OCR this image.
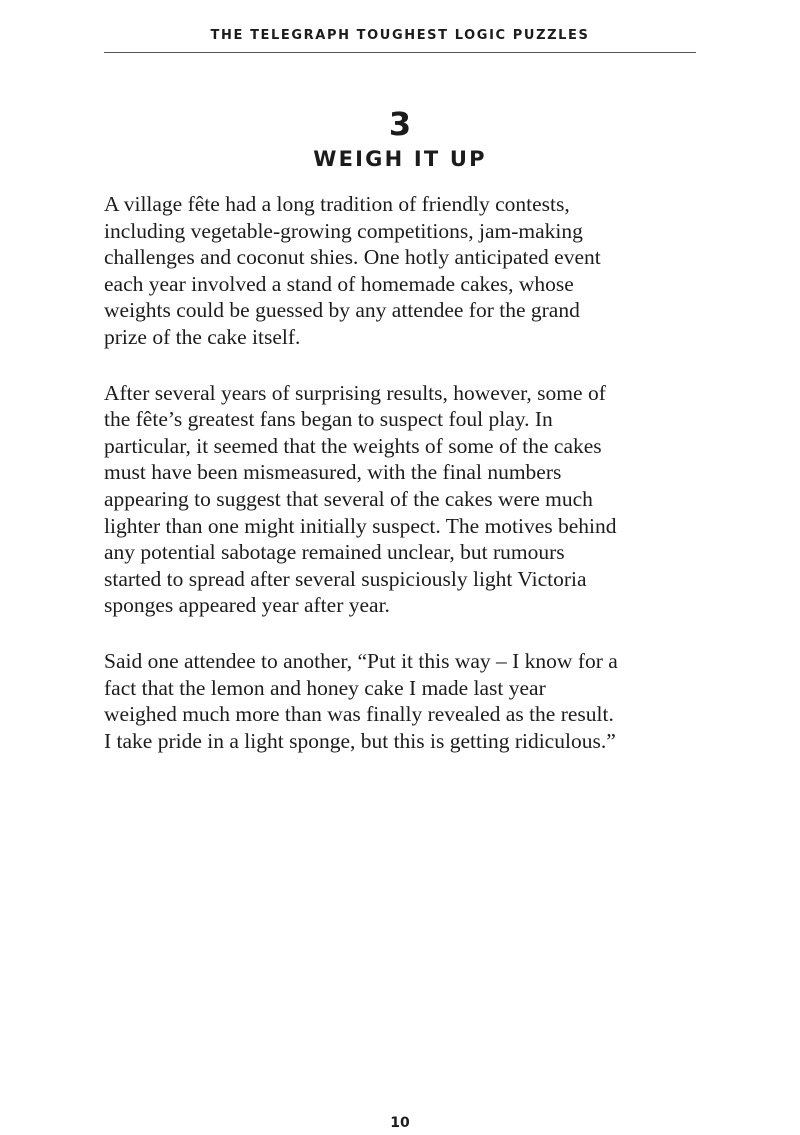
THE TELEGRAPH TOUGHEST LOGIC PUZZLES
3
WEIGH IT UP

A village fête had a long tradition of friendly contests,
including vegetable-growing competitions, jam-making
challenges and coconut shies. One hotly anticipated event
each year involved a stand of homemade cakes, whose
weights could be guessed by any attendee for the grand
prize of the cake itself.

After several years of surprising results, however, some of
the fête’s greatest fans began to suspect foul play. In
particular, it seemed that the weights of some of the cakes
must have been mismeasured, with the final numbers
appearing to suggest that several of the cakes were much
lighter than one might initially suspect. The motives behind
any potential sabotage remained unclear, but rumours
started to spread after several suspiciously light Victoria
sponges appeared year after year.

Said one attendee to another, “Put it this way – I know for a
fact that the lemon and honey cake I made last year
weighed much more than was finally revealed as the result.
I take pride in a light sponge, but this is getting ridiculous.”

10
